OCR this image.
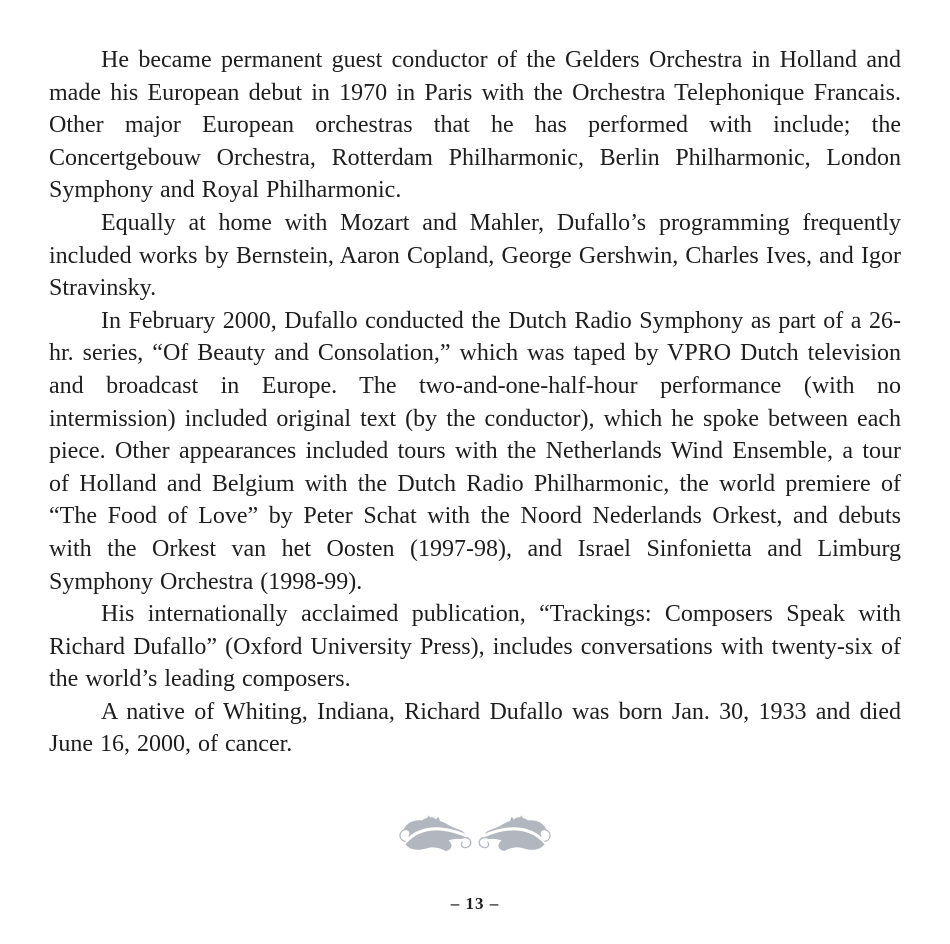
He became permanent guest conductor of the Gelders Orchestra in Holland and made his European debut in 1970 in Paris with the Orchestra Telephonique Francais. Other major European orchestras that he has performed with include; the Concertgebouw Orchestra, Rotterdam Philharmonic, Berlin Philharmonic, London Symphony and Royal Philharmonic.

Equally at home with Mozart and Mahler, Dufallo’s programming frequently included works by Bernstein, Aaron Copland, George Gershwin, Charles Ives, and Igor Stravinsky.

In February 2000, Dufallo conducted the Dutch Radio Symphony as part of a 26-hr. series, “Of Beauty and Consolation,” which was taped by VPRO Dutch television and broadcast in Europe. The two-and-one-half-hour performance (with no intermission) included original text (by the conductor), which he spoke between each piece. Other appearances included tours with the Netherlands Wind Ensemble, a tour of Holland and Belgium with the Dutch Radio Philharmonic, the world premiere of “The Food of Love” by Peter Schat with the Noord Nederlands Orkest, and debuts with the Orkest van het Oosten (1997-98), and Israel Sinfonietta and Limburg Symphony Orchestra (1998-99).

His internationally acclaimed publication, “Trackings: Composers Speak with Richard Dufallo” (Oxford University Press), includes conversations with twenty-six of the world’s leading composers.

A native of Whiting, Indiana, Richard Dufallo was born Jan. 30, 1933 and died June 16, 2000, of cancer.

– 13 –
